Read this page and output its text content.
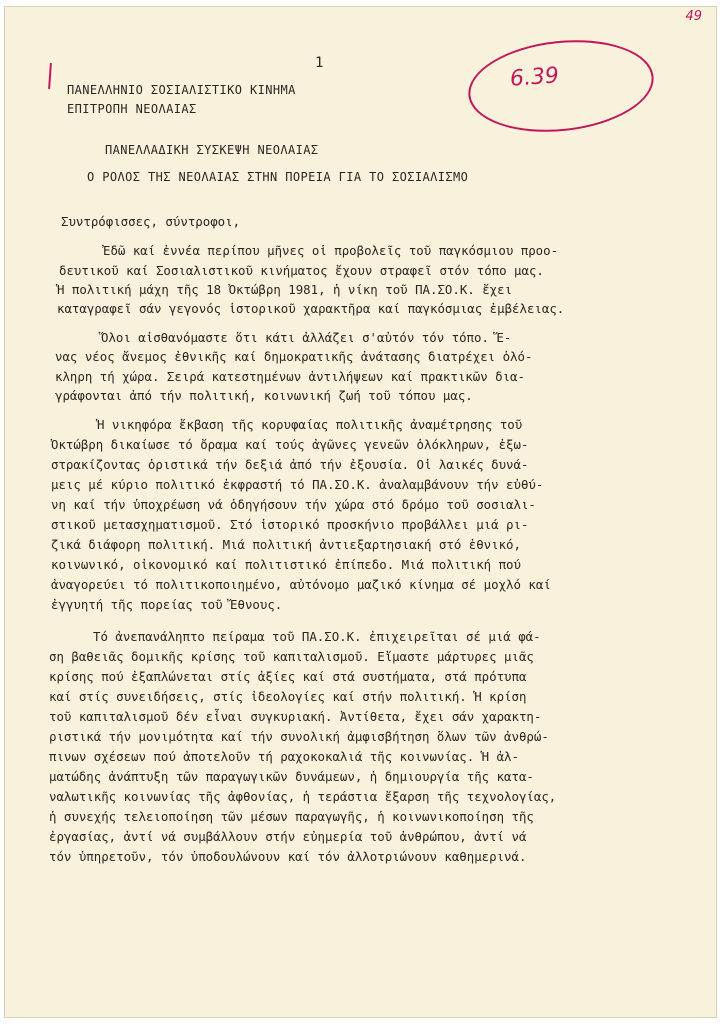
49
1
6.39
ΠΑΝΕΛΛΗΝΙΟ ΣΟΣΙΑΛΙΣΤΙΚΟ ΚΙΝΗΜΑ
ΕΠΙΤΡΟΠΗ ΝΕΟΛΑΙΑΣ
ΠΑΝΕΛΛΑΔΙΚΗ ΣΥΣΚΕΨΗ ΝΕΟΛΑΙΑΣ
Ο ΡΟΛΟΣ ΤΗΣ ΝΕΟΛΑΙΑΣ ΣΤΗΝ ΠΟΡΕΙΑ ΓΙΑ ΤΟ ΣΟΣΙΑΛΙΣΜΟ
Συντρόφισσες, σύντροφοι,
Ἐδῶ καί ἐννέα περίπου μῆνες οἱ προβολεῖς τοῦ παγκόσμιου προο-
δευτικοῦ καί Σοσιαλιστικοῦ κινήματος ἔχουν στραφεῖ στόν τόπο μας.
Ἡ πολιτική μάχη τῆς 18 Ὀκτώβρη 1981, ἡ νίκη τοῦ ΠΑ.ΣΟ.Κ. ἔχει
καταγραφεῖ σάν γεγονός ἱστορικοῦ χαρακτῆρα καί παγκόσμιας ἐμβέλειας.
Ὅλοι αἰσθανόμαστε ὅτι κάτι ἀλλάζει σ'αὐτόν τόν τόπο. Ἕ-
νας νέος ἄνεμος ἐθνικῆς καί δημοκρατικῆς ἀνάτασης διατρέχει ὁλό-
κληρη τή χώρα. Σειρά κατεστημένων ἀντιλήψεων καί πρακτικῶν δια-
γράφονται ἀπό τήν πολιτική, κοινωνική ζωή τοῦ τόπου μας.
Ἡ νικηφόρα ἔκβαση τῆς κορυφαίας πολιτικῆς ἀναμέτρησης τοῦ
Ὀκτώβρη δικαίωσε τό ὄραμα καί τούς ἀγῶνες γενεῶν ὁλόκληρων, ἐξω-
στρακίζοντας ὁριστικά τήν δεξιά ἀπό τήν ἐξουσία. Οἱ λαικές δυνά-
μεις μέ κύριο πολιτικό ἐκφραστή τό ΠΑ.ΣΟ.Κ. ἀναλαμβάνουν τήν εὐθύ-
νη καί τήν ὑποχρέωση νά ὁδηγήσουν τήν χώρα στό δρόμο τοῦ σοσιαλι-
στικοῦ μετασχηματισμοῦ. Στό ἱστορικό προσκήνιο προβάλλει μιά ρι-
ζικά διάφορη πολιτική. Μιά πολιτική ἀντιεξαρτησιακή στό ἐθνικό,
κοινωνικό, οἰκονομικό καί πολιτιστικό ἐπίπεδο. Μιά πολιτική πού
ἀναγορεύει τό πολιτικοποιημένο, αὐτόνομο μαζικό κίνημα σέ μοχλό καί
ἐγγυητή τῆς πορείας τοῦ Ἔθνους.
Τό ἀνεπανάληπτο πείραμα τοῦ ΠΑ.ΣΟ.Κ. ἐπιχειρεῖται σέ μιά φά-
ση βαθειᾶς δομικῆς κρίσης τοῦ καπιταλισμοῦ. Εἴμαστε μάρτυρες μιᾶς
κρίσης πού ἐξαπλώνεται στίς ἀξίες καί στά συστήματα, στά πρότυπα
καί στίς συνειδήσεις, στίς ἰδεολογίες καί στήν πολιτική. Ἡ κρίση
τοῦ καπιταλισμοῦ δέν εἶναι συγκυριακή. Ἀντίθετα, ἔχει σάν χαρακτη-
ριστικά τήν μονιμότητα καί τήν συνολική ἀμφισβήτηση ὅλων τῶν ἀνθρώ-
πινων σχέσεων πού ἀποτελοῦν τή ραχοκοκαλιά τῆς κοινωνίας. Ἡ ἀλ-
ματώδης ἀνάπτυξη τῶν παραγωγικῶν δυνάμεων, ἡ δημιουργία τῆς κατα-
ναλωτικῆς κοινωνίας τῆς ἀφθονίας, ἡ τεράστια ἔξαρση τῆς τεχνολογίας,
ἡ συνεχής τελειοποίηση τῶν μέσων παραγωγῆς, ἡ κοινωνικοποίηση τῆς
ἐργασίας, ἀντί νά συμβάλλουν στήν εὐημερία τοῦ ἀνθρώπου, ἀντί νά
τόν ὑπηρετοῦν, τόν ὑποδουλώνουν καί τόν ἀλλοτριώνουν καθημερινά.
